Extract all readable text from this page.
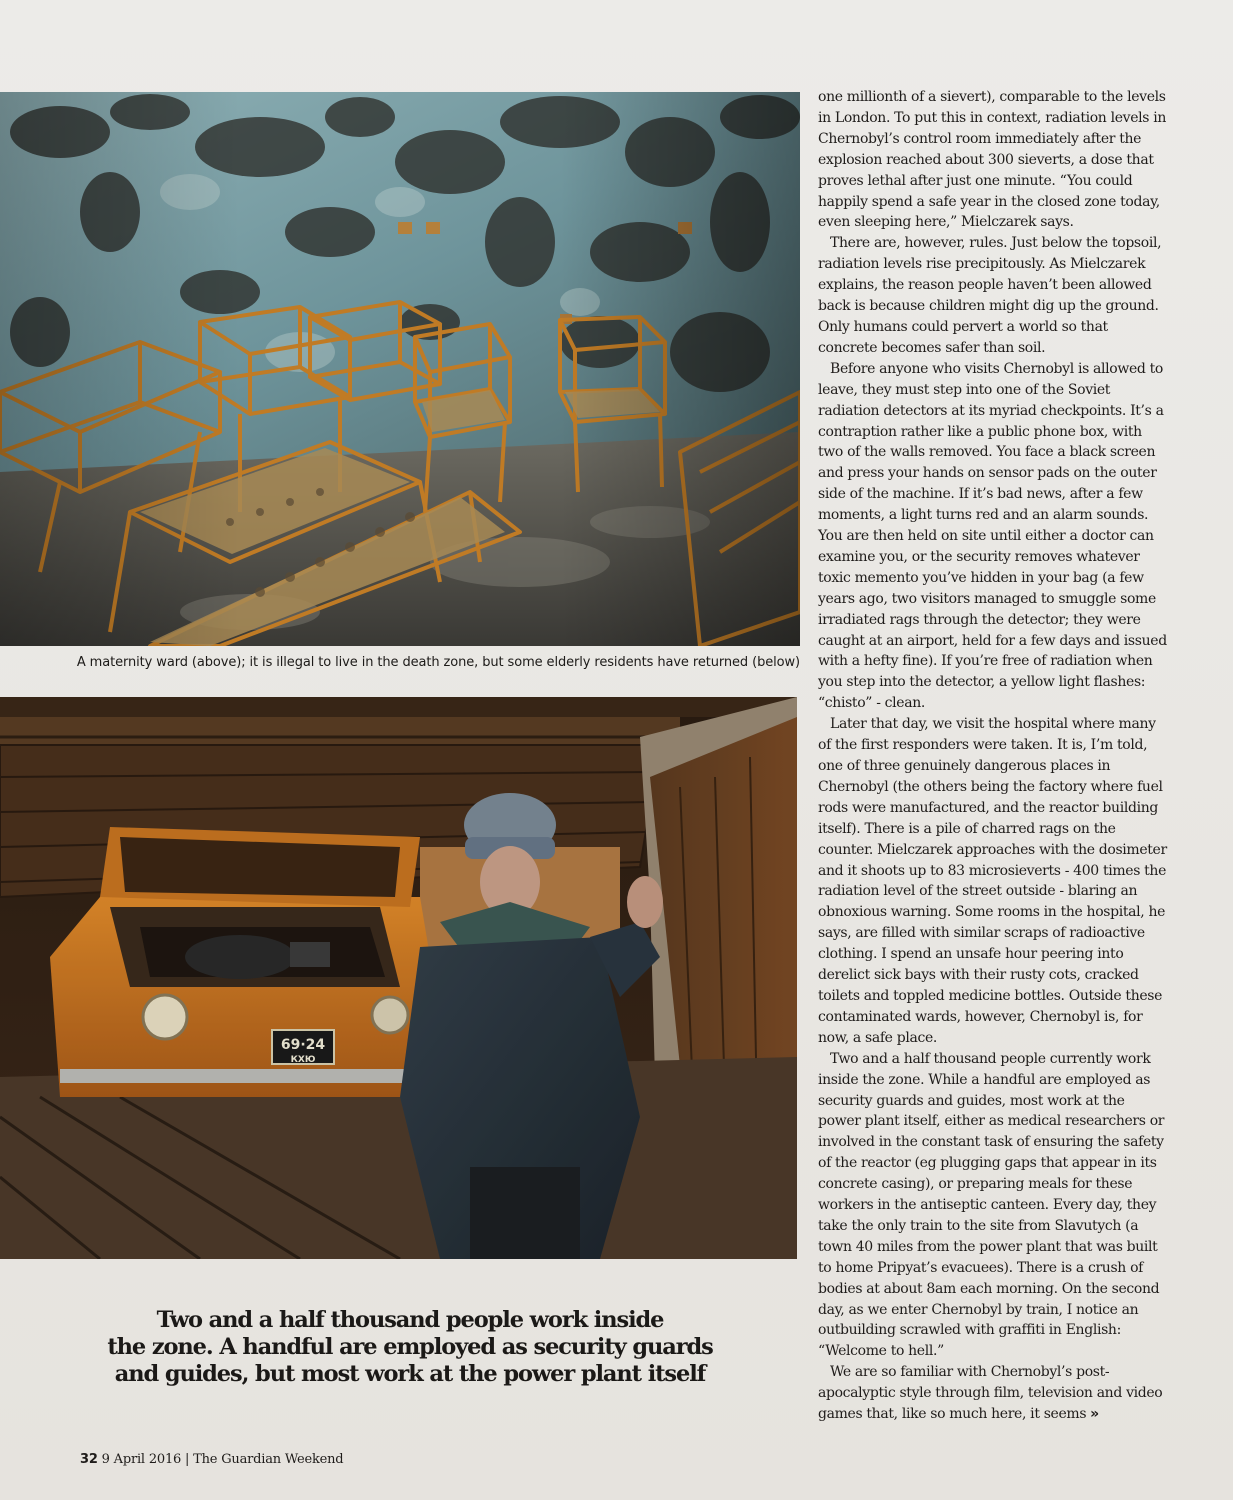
A maternity ward (above); it is illegal to live in the death zone, but some elderly residents have returned (below)
69·24
КХЮ

one millionth of a sievert), comparable to the levels in London. To put this in context, radiation levels in Chernobyl’s control room immediately after the explosion reached about 300 sieverts, a dose that proves lethal after just one minute. “You could happily spend a safe year in the closed zone today, even sleeping here,” Mielczarek says.

There are, however, rules. Just below the topsoil, radiation levels rise precipitously. As Mielczarek explains, the reason people haven’t been allowed back is because children might dig up the ground. Only humans could pervert a world so that concrete becomes safer than soil.

Before anyone who visits Chernobyl is allowed to leave, they must step into one of the Soviet radiation detectors at its myriad checkpoints. It’s a contraption rather like a public phone box, with two of the walls removed. You face a black screen and press your hands on sensor pads on the outer side of the machine. If it’s bad news, after a few moments, a light turns red and an alarm sounds. You are then held on site until either a doctor can examine you, or the security removes whatever toxic memento you’ve hidden in your bag (a few years ago, two visitors managed to smuggle some irradiated rags through the detector; they were caught at an airport, held for a few days and issued with a hefty fine). If you’re free of radiation when you step into the detector, a yellow light flashes: “chisto” - clean.

Later that day, we visit the hospital where many of the first responders were taken. It is, I’m told, one of three genuinely dangerous places in Chernobyl (the others being the factory where fuel rods were manufactured, and the reactor building itself). There is a pile of charred rags on the counter. Mielczarek approaches with the dosimeter and it shoots up to 83 microsieverts - 400 times the radiation level of the street outside - blaring an obnoxious warning. Some rooms in the hospital, he says, are filled with similar scraps of radioactive clothing. I spend an unsafe hour peering into derelict sick bays with their rusty cots, cracked toilets and toppled medicine bottles. Outside these contaminated wards, however, Chernobyl is, for now, a safe place.

Two and a half thousand people currently work inside the zone. While a handful are employed as security guards and guides, most work at the power plant itself, either as medical researchers or involved in the constant task of ensuring the safety of the reactor (eg plugging gaps that appear in its concrete casing), or preparing meals for these workers in the antiseptic canteen. Every day, they take the only train to the site from Slavutych (a town 40 miles from the power plant that was built to home Pripyat’s evacuees). There is a crush of bodies at about 8am each morning. On the second day, as we enter Chernobyl by train, I notice an outbuilding scrawled with graffiti in English: “Welcome to hell.”

We are so familiar with Chernobyl’s post-apocalyptic style through film, television and video games that, like so much here, it seems »

Two and a half thousand people work inside
the zone. A handful are employed as security guards
and guides, but most work at the power plant itself
32 9 April 2016 | The Guardian Weekend
